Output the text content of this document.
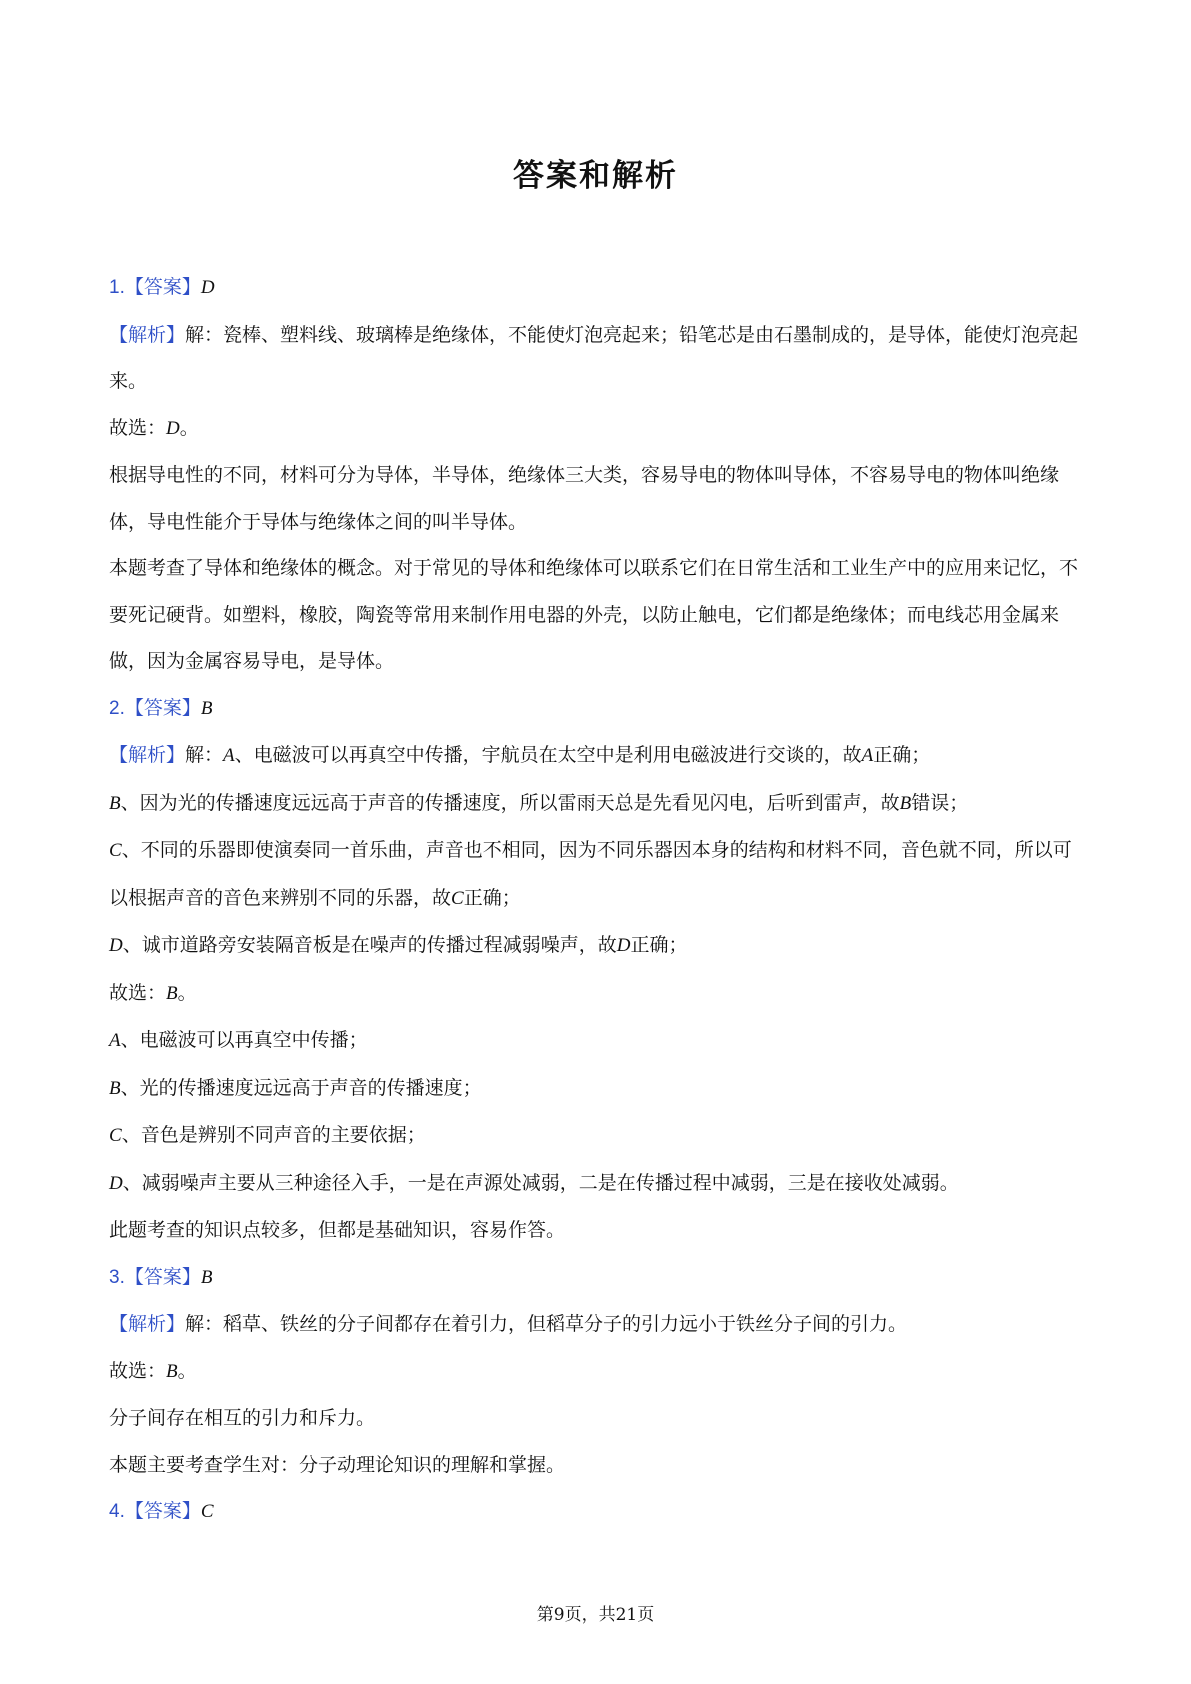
答案和解析

1.【答案】D

【解析】解：瓷棒、塑料线、玻璃棒是绝缘体，不能使灯泡亮起来；铅笔芯是由石墨制成的，是导体，能使灯泡亮起来。

故选：D。

根据导电性的不同，材料可分为导体，半导体，绝缘体三大类，容易导电的物体叫导体，不容易导电的物体叫绝缘体，导电性能介于导体与绝缘体之间的叫半导体。

本题考查了导体和绝缘体的概念。对于常见的导体和绝缘体可以联系它们在日常生活和工业生产中的应用来记忆，不要死记硬背。如塑料，橡胶，陶瓷等常用来制作用电器的外壳，以防止触电，它们都是绝缘体；而电线芯用金属来做，因为金属容易导电，是导体。

2.【答案】B

【解析】解：A、电磁波可以再真空中传播，宇航员在太空中是利用电磁波进行交谈的，故A正确；

B、因为光的传播速度远远高于声音的传播速度，所以雷雨天总是先看见闪电，后听到雷声，故B错误；

C、不同的乐器即使演奏同一首乐曲，声音也不相同，因为不同乐器因本身的结构和材料不同，音色就不同，所以可以根据声音的音色来辨别不同的乐器，故C正确；

D、诚市道路旁安装隔音板是在噪声的传播过程减弱噪声，故D正确；

故选：B。

A、电磁波可以再真空中传播；

B、光的传播速度远远高于声音的传播速度；

C、音色是辨别不同声音的主要依据；

D、减弱噪声主要从三种途径入手，一是在声源处减弱，二是在传播过程中减弱，三是在接收处减弱。

此题考查的知识点较多，但都是基础知识，容易作答。

3.【答案】B

【解析】解：稻草、铁丝的分子间都存在着引力，但稻草分子的引力远小于铁丝分子间的引力。

故选：B。

分子间存在相互的引力和斥力。

本题主要考查学生对：分子动理论知识的理解和掌握。

4.【答案】C

第9页，共21页
